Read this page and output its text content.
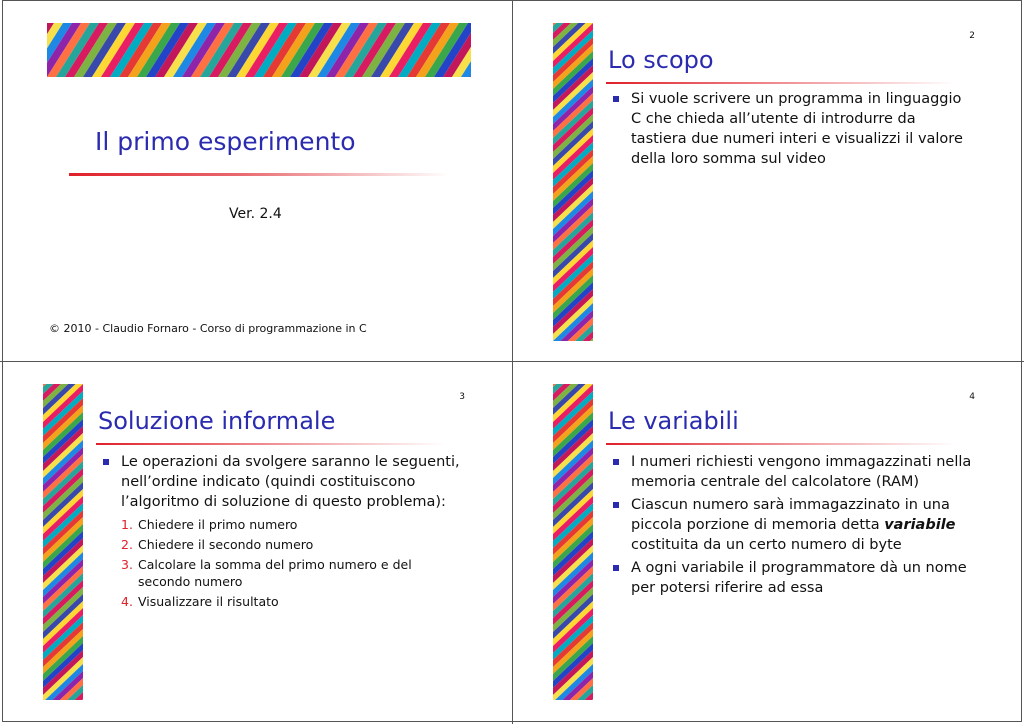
Il primo esperimento
Ver. 2.4
© 2010 - Claudio Fornaro - Corso di programmazione in C
2
Lo scopo
Si vuole scrivere un programma in linguaggio C che chieda all’utente di introdurre da tastiera due numeri interi e visualizzi il valore della loro somma sul video
3
Soluzione informale
Le operazioni da svolgere saranno le seguenti, nell’ordine indicato (quindi costituiscono l’algoritmo di soluzione di questo problema):
1. Chiedere il primo numero
2. Chiedere il secondo numero
3. Calcolare la somma del primo numero e del secondo numero
4. Visualizzare il risultato
4
Le variabili
I numeri richiesti vengono immagazzinati nella memoria centrale del calcolatore (RAM)
Ciascun numero sarà immagazzinato in una piccola porzione di memoria detta variabile costituita da un certo numero di byte
A ogni variabile il programmatore dà un nome per potersi riferire ad essa
